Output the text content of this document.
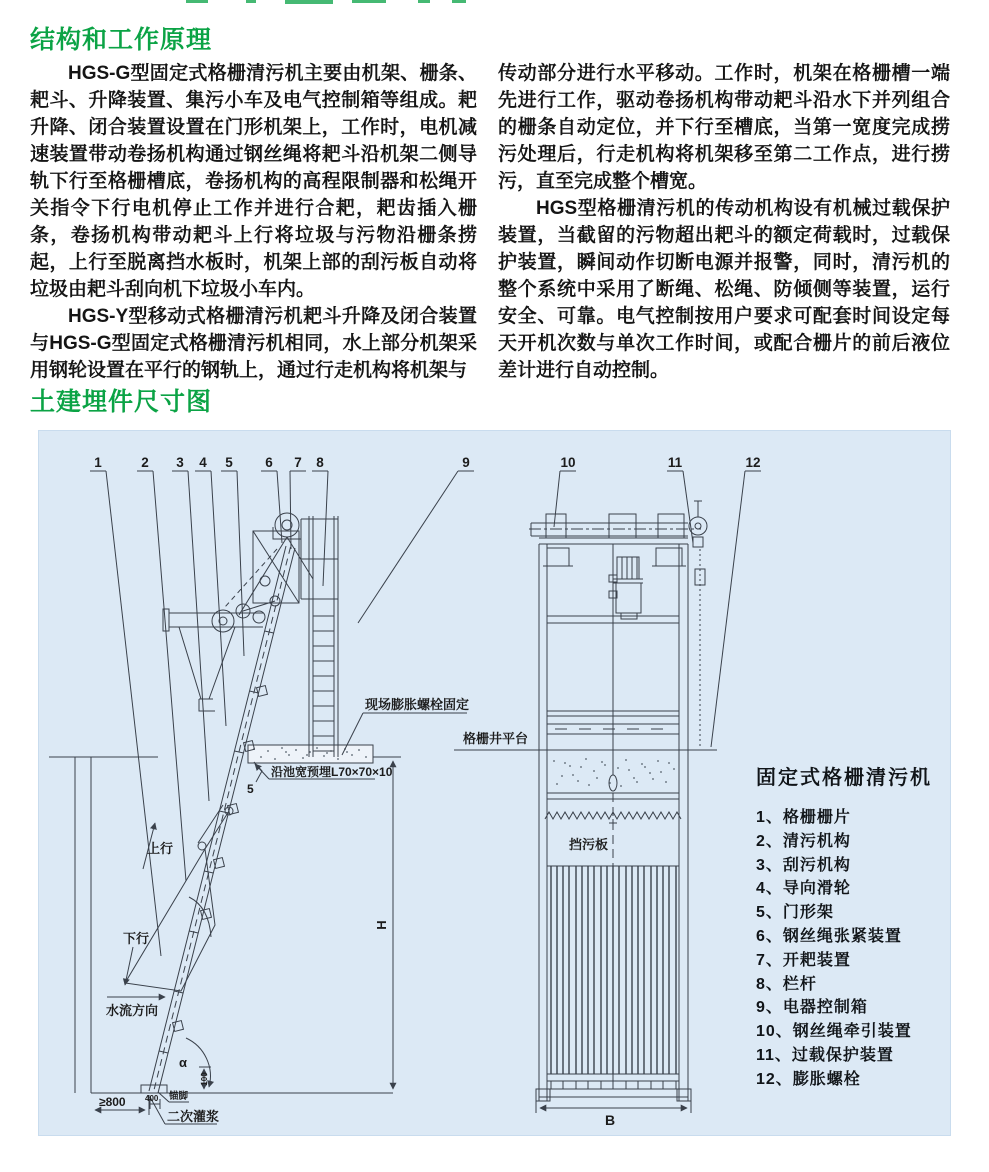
结构和工作原理

HGS-G型固定式格栅清污机主要由机架、栅条、耙斗、升降装置、集污小车及电气控制箱等组成。耙升降、闭合装置设置在门形机架上，工作时，电机减速装置带动卷扬机构通过钢丝绳将耙斗沿机架二侧导轨下行至格栅槽底，卷扬机构的高程限制器和松绳开关指令下行电机停止工作并进行合耙，耙齿插入栅条，卷扬机构带动耙斗上行将垃圾与污物沿栅条捞起，上行至脱离挡水板时，机架上部的刮污板自动将垃圾由耙斗刮向机下垃圾小车内。

HGS-Y型移动式格栅清污机耙斗升降及闭合装置与HGS-G型固定式格栅清污机相同，水上部分机架采用钢轮设置在平行的钢轨上，通过行走机构将机架与

传动部分进行水平移动。工作时，机架在格栅槽一端先进行工作，驱动卷扬机构带动耙斗沿水下并列组合的栅条自动定位，并下行至槽底，当第一宽度完成捞污处理后，行走机构将机架移至第二工作点，进行捞污，直至完成整个槽宽。

HGS型格栅清污机的传动机构设有机械过载保护装置，当截留的污物超出耙斗的额定荷载时，过载保护装置，瞬间动作切断电源并报警，同时，清污机的整个系统中采用了断绳、松绳、防倾侧等装置，运行安全、可靠。电气控制按用户要求可配套时间设定每天开机次数与单次工作时间，或配合栅片的前后液位差计进行自动控制。

土建埋件尺寸图
1	2 3 4 5 6 7 8	9	10	11	12
上行
下行
水流方向
α
≥800 400 锚脚
100
二次灌浆
现场膨胀螺栓固定
沿池宽预埋L70×70×10
5
H
格栅井平台
挡污板
B
固定式格栅清污机
1、格栅栅片
2、清污机构
3、刮污机构
4、导向滑轮
5、门形架
6、钢丝绳张紧装置
7、开耙装置
8、栏杆
9、电器控制箱
10、钢丝绳牵引装置
11、过载保护装置
12、膨胀螺栓
